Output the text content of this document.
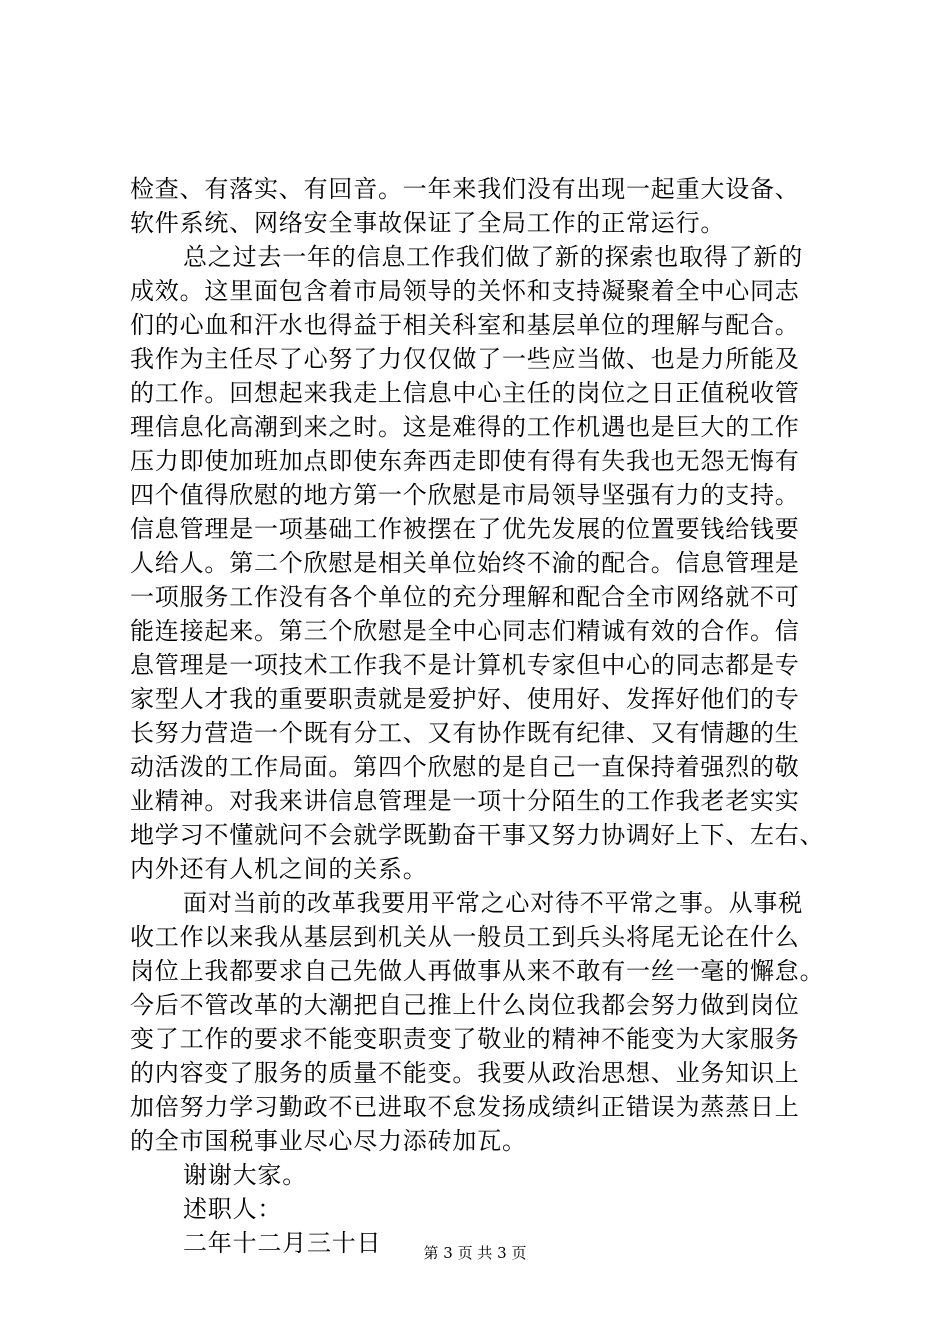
检查、有落实、有回音。一年来我们没有出现一起重大设备、
软件系统、网络安全事故保证了全局工作的正常运行。
总之过去一年的信息工作我们做了新的探索也取得了新的
成效。这里面包含着市局领导的关怀和支持凝聚着全中心同志
们的心血和汗水也得益于相关科室和基层单位的理解与配合。
我作为主任尽了心努了力仅仅做了一些应当做、也是力所能及
的工作。回想起来我走上信息中心主任的岗位之日正值税收管
理信息化高潮到来之时。这是难得的工作机遇也是巨大的工作
压力即使加班加点即使东奔西走即使有得有失我也无怨无悔有
四个值得欣慰的地方第一个欣慰是市局领导坚强有力的支持。
信息管理是一项基础工作被摆在了优先发展的位置要钱给钱要
人给人。第二个欣慰是相关单位始终不渝的配合。信息管理是
一项服务工作没有各个单位的充分理解和配合全市网络就不可
能连接起来。第三个欣慰是全中心同志们精诚有效的合作。信
息管理是一项技术工作我不是计算机专家但中心的同志都是专
家型人才我的重要职责就是爱护好、使用好、发挥好他们的专
长努力营造一个既有分工、又有协作既有纪律、又有情趣的生
动活泼的工作局面。第四个欣慰的是自己一直保持着强烈的敬
业精神。对我来讲信息管理是一项十分陌生的工作我老老实实
地学习不懂就问不会就学既勤奋干事又努力协调好上下、左右、
内外还有人机之间的关系。
面对当前的改革我要用平常之心对待不平常之事。从事税
收工作以来我从基层到机关从一般员工到兵头将尾无论在什么
岗位上我都要求自己先做人再做事从来不敢有一丝一毫的懈怠。
今后不管改革的大潮把自己推上什么岗位我都会努力做到岗位
变了工作的要求不能变职责变了敬业的精神不能变为大家服务
的内容变了服务的质量不能变。我要从政治思想、业务知识上
加倍努力学习勤政不已进取不怠发扬成绩纠正错误为蒸蒸日上
的全市国税事业尽心尽力添砖加瓦。
谢谢大家。
述职人：
二年十二月三十日	第 3 页 共 3 页
